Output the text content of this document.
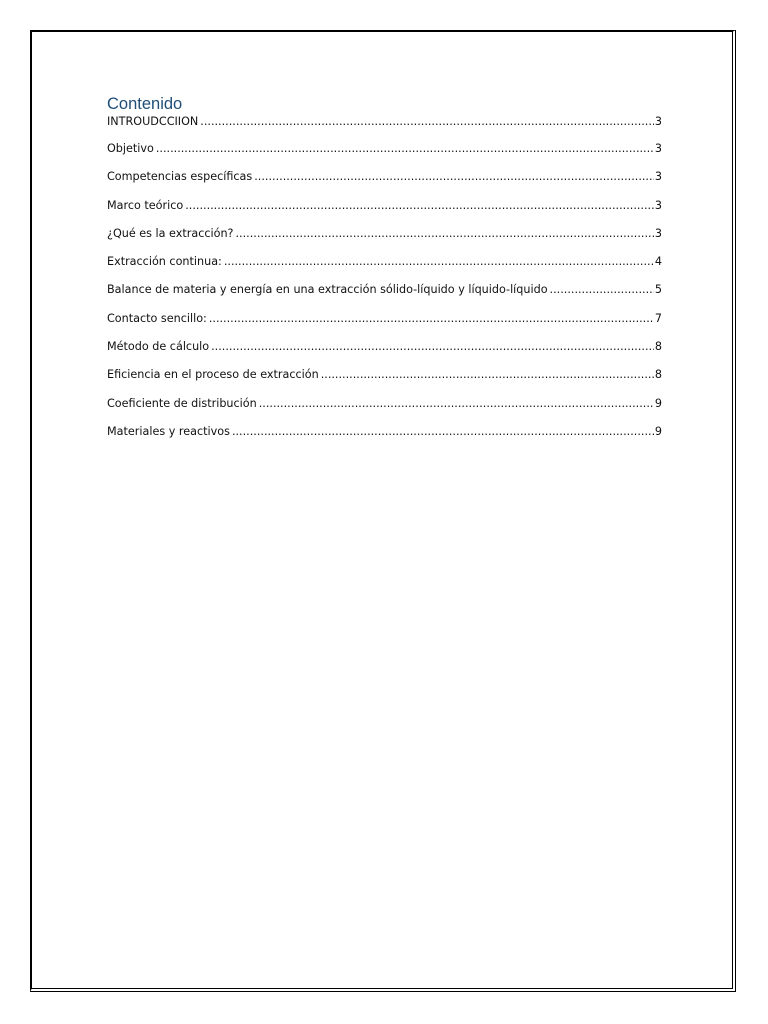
Contenido
INTROUDCCIION .....	3
Objetivo .....	3
Competencias específicas .....	3
Marco teórico .....	3
¿Qué es la extracción? .....	3
Extracción continua: .....	4
Balance de materia y energía en una extracción sólido-líquido y líquido-líquido .....	5
Contacto sencillo: .....	7
Método de cálculo .....	8
Eficiencia en el proceso de extracción .....	8
Coeficiente de distribución .....	9
Materiales y reactivos .....	9
